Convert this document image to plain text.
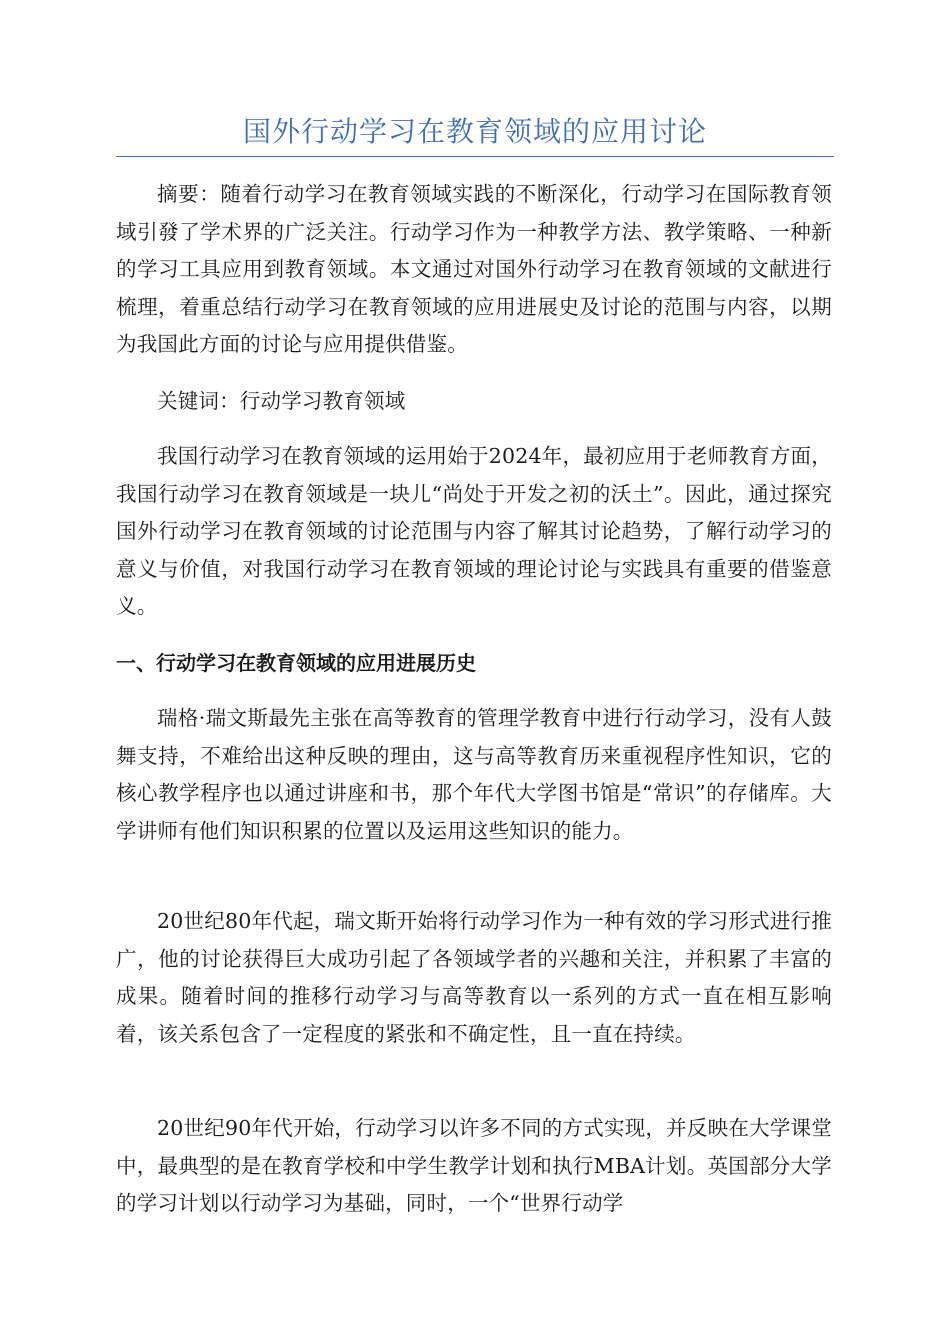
国外行动学习在教育领域的应用讨论
摘要：随着行动学习在教育领域实践的不断深化，行动学习在国际教育领域引發了学术界的广泛关注。行动学习作为一种教学方法、教学策略、一种新的学习工具应用到教育领域。本文通过对国外行动学习在教育领域的文献进行梳理，着重总结行动学习在教育领域的应用进展史及讨论的范围与内容，以期为我国此方面的讨论与应用提供借鉴。
关键词：行动学习教育领域
我国行动学习在教育领域的运用始于2024年，最初应用于老师教育方面，我国行动学习在教育领域是一块儿“尚处于开发之初的沃土”。因此，通过探究国外行动学习在教育领域的讨论范围与内容了解其讨论趋势，了解行动学习的意义与价值，对我国行动学习在教育领域的理论讨论与实践具有重要的借鉴意义。
一、行动学习在教育领域的应用进展历史
瑞格·瑞文斯最先主张在高等教育的管理学教育中进行行动学习，没有人鼓舞支持，不难给出这种反映的理由，这与高等教育历来重视程序性知识，它的核心教学程序也以通过讲座和书，那个年代大学图书馆是“常识”的存储库。大学讲师有他们知识积累的位置以及运用这些知识的能力。
20世纪80年代起，瑞文斯开始将行动学习作为一种有效的学习形式进行推广，他的讨论获得巨大成功引起了各领域学者的兴趣和关注，并积累了丰富的成果。随着时间的推移行动学习与高等教育以一系列的方式一直在相互影响着，该关系包含了一定程度的紧张和不确定性，且一直在持续。
20世纪90年代开始，行动学习以许多不同的方式实现，并反映在大学课堂中，最典型的是在教育学校和中学生教学计划和执行MBA计划。英国部分大学的学习计划以行动学习为基础，同时，一个“世界行动学
